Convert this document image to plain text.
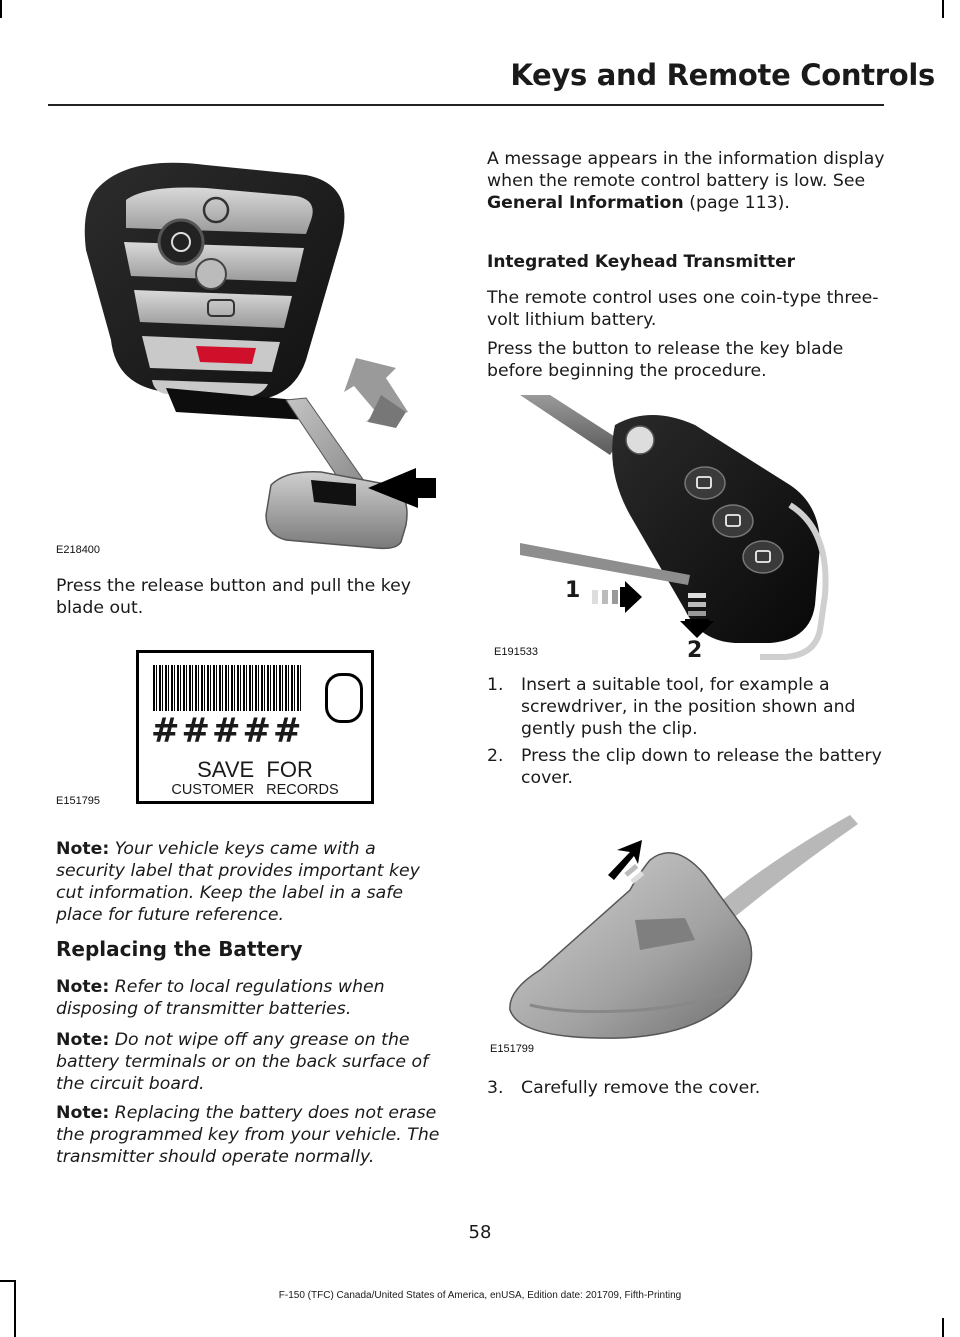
Keys and Remote Controls
E218400

Press the release button and pull the key blade out.

#####
SAVE  FOR
CUSTOMER   RECORDS
E151795

Note: Your vehicle keys came with a security label that provides important key cut information. Keep the label in a safe place for future reference.

Replacing the Battery

Note: Refer to local regulations when disposing of transmitter batteries.

Note: Do not wipe off any grease on the battery terminals or on the back surface of the circuit board.

Note: Replacing the battery does not erase the programmed key from your vehicle. The transmitter should operate normally.

A message appears in the information display when the remote control battery is low. See General Information (page 113).

Integrated Keyhead Transmitter

The remote control uses one coin-type three-volt lithium battery.

Press the button to release the key blade before beginning the procedure.

1
2
E191533
1. Insert a suitable tool, for example a screwdriver, in the position shown and gently push the clip.
2. Press the clip down to release the battery cover.
E151799
3. Carefully remove the cover.
58
F-150 (TFC) Canada/United States of America, enUSA, Edition date: 201709, Fifth-Printing
